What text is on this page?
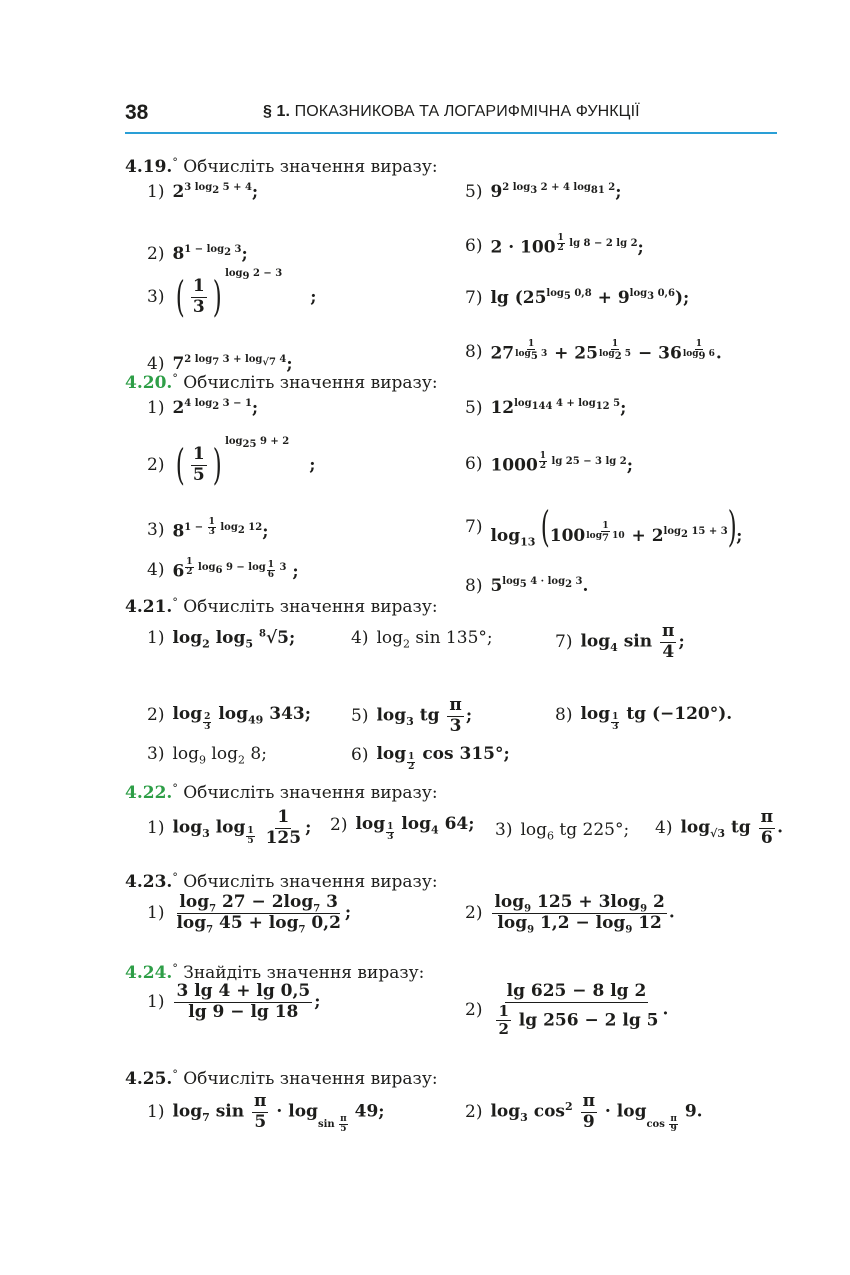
38	§ 1. ПОКАЗНИКОВА ТА ЛОГАРИФМІЧНА ФУНКЦІЇ
4.19.° Обчисліть значення виразу:
1) $2^{3 log_2 5 + 4}$;	5) $9^{2 log_3 2 + 4 log_{81} 2}$;
2) $8^{1 - log_2 3}$;	6) 2 · 100 $^{\frac{1}{2} lg 8 - 2 lg 2}$;
3) ( $\frac{1}{3}$ ) $^{log_9 2 - 3}$
;	7) $\lg (25^{log_5 0,8} + 9^{log_3 0,6})$;
4) $7^{2 log_7 3 + log_{√7} 4}$;
8) 27 $^{\frac{1}{\log_5 3}}$ + 25 $^{\frac{1}{\log_2 5}}$ − 36 $^{\frac{1}{\log_9 6}}$ .
4.20.° Обчисліть значення виразу:
1) $2^{4 log_2 3 - 1}$;	5) $12^{log_{144} 4 + log_{12} 5}$;
2) ( $\frac{1}{5}$ ) $^{log_{25} 9 + 2}$
;	6) 1000 $^{\frac{1}{2} lg 25 - 3 lg 2}$;
3) $8^{1 - \frac{1}{3} log_2 12}$;	7) $\log_{13} (100$ $^{\frac{1}{\log_7 10}} + 2^{log_2 15 + 3}$);
4) 6 $^{\frac{1}{2} log_6 9 - log _{\frac{1}{6}} 3}$ ;
8) $5^{log_5 4 \cdot log_2 3}$.
4.21.° Обчисліть значення виразу:
1) $\log_2 \log_5 ^8√5$;	4) $\log_2 \sin 135^\circ$;	7) $\log_4 \sin \frac{\pi}{4}$ ;
2) log $_{\frac{2}{3}}$ $\log_{49} 343$; 5) $\log_3$ tg $\frac{\pi}{3}$ ;	8) log $_{\frac{1}{3}}$ tg (−120°).
3) $\log_9 \log_2 8$;	6) log $_{\frac{1}{2}}$ cos 315°;
4.22.° Обчисліть значення виразу:
1) $\log_3 \log _{\frac{1}{5}}$
$\frac{1}{125}$ ; 2) log $_{\frac{1}{3}}$ $\log_4 64$; 3) $\log_6$ tg 225°; 4) $\log_{√3}$ tg $\frac{\pi}{6}$ .
4.23.° Обчисліть значення виразу:
$1) \frac{\log_7 27 - 2\log_7 3}{\log_7 45 + \log_7 0,2}$ ;	$2) \frac{\log_9 125 + 3\log_9 2}{\log_9 1,2 - \log_9 12}$ .
4.24.° Знайдіть значення виразу:
$1) \frac{3 \lg 4 + \lg 0,5}{\lg 9 - \lg 18}$ ;	$2) \frac{\lg 625 - 8 \lg 2}{\frac{1}{2} \lg 256 - 2 \lg 5}$ .
4.25.° Обчисліть значення виразу:
1) $\log_7 \sin \frac{\pi}{5} \cdot \log_{sin \frac{\pi}{5}}$
49;	2) $\log_3 \cos^2 \frac{\pi}{9} \cdot \log_{cos \frac{\pi}{9}}$
9.
